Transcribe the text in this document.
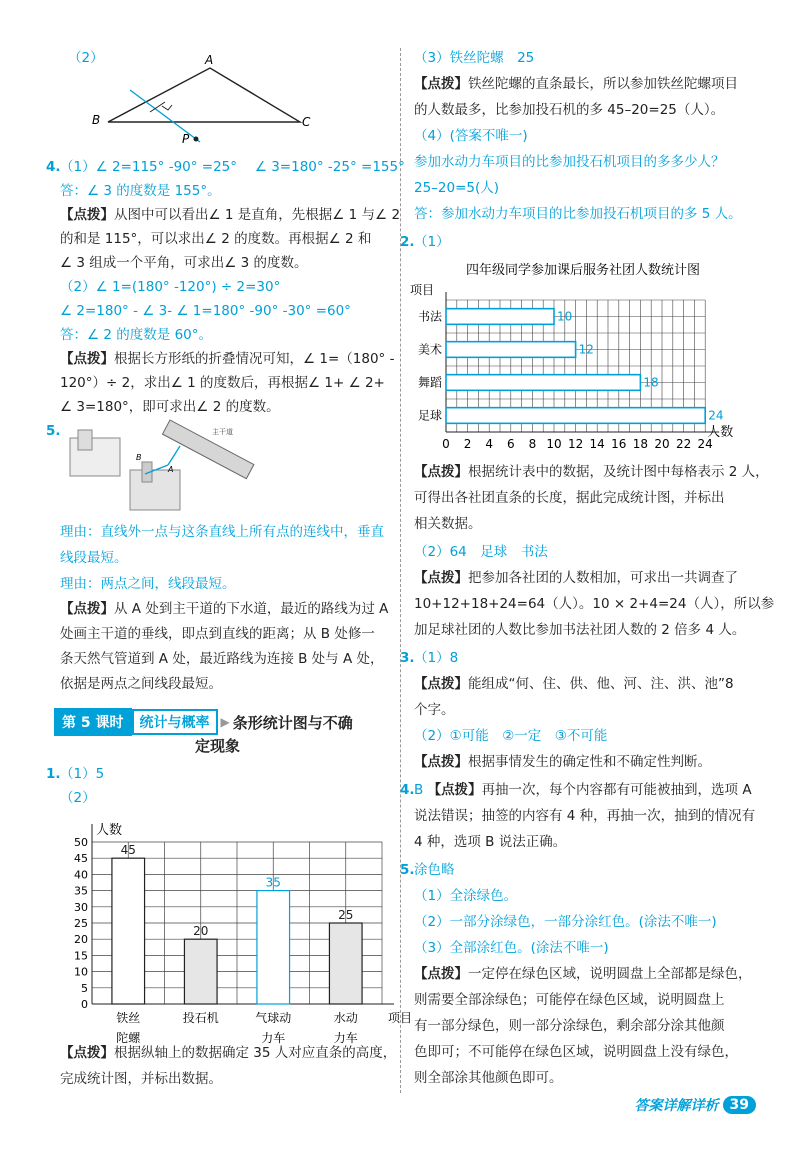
（2）	A
B	C
P
4. （1）∠ 2=115° -90° =25°　 ∠ 3=180° -25° =155°
答：∠ 3 的度数是 155°。
【点拨】从图中可以看出∠ 1 是直角，先根据∠ 1 与∠ 2
的和是 115°，可以求出∠ 2 的度数。再根据∠ 2 和
∠ 3 组成一个平角，可求出∠ 3 的度数。
（2）∠ 1=(180° -120°) ÷ 2=30°
∠ 2=180° - ∠ 3- ∠ 1=180° -90° -30° =60°
答：∠ 2 的度数是 60°。
【点拨】根据长方形纸的折叠情况可知，∠ 1=（180° -
120°）÷ 2，求出∠ 1 的度数后，再根据∠ 1+ ∠ 2+
∠ 3=180°，即可求出∠ 2 的度数。
5.	主干道
A
B
理由：直线外一点与这条直线上所有点的连线中，垂直
线段最短。
理由：两点之间，线段最短。
【点拨】从 A 处到主干道的下水道，最近的路线为过 A
处画主干道的垂线，即点到直线的距离；从 B 处修一
条天然气管道到 A 处，最近路线为连接 B 处与 A 处，
依据是两点之间线段最短。
第 5 课时	统计与概率 ▶ 条形统计图与不确
定现象
1. （1）5
（2）
0
5
10
15
20
25
30
35
40
45
50
人数
项目
45
铁丝
陀螺
20
投石机
35
气球动
力车
25
水动
力车
【点拨】根据纵轴上的数据确定 35 人对应直条的高度，
完成统计图，并标出数据。
（3）铁丝陀螺　25
【点拨】铁丝陀螺的直条最长，所以参加铁丝陀螺项目
的人数最多，比参加投石机的多 45–20=25（人）。
（4）(答案不唯一)
参加水动力车项目的比参加投石机项目的多多少人？
25–20=5(人)
答：参加水动力车项目的比参加投石机项目的多 5 人。
2. （1）
四年级同学参加课后服务社团人数统计图
项目
0 2 4 6 8 10 12 14 16 18 20 22 24
人数
10
书法
12
美术
18
舞蹈
24
足球
【点拨】根据统计表中的数据，及统计图中每格表示 2 人，
可得出各社团直条的长度，据此完成统计图，并标出
相关数据。
（2）64　足球　书法
【点拨】把参加各社团的人数相加，可求出一共调查了
10+12+18+24=64（人）。10 × 2+4=24（人），所以参
加足球社团的人数比参加书法社团人数的 2 倍多 4 人。
3. （1）8
【点拨】能组成“何、住、供、他、河、注、洪、池”8
个字。
（2）①可能　②一定　③不可能
【点拨】根据事情发生的确定性和不确定性判断。
4. B 【点拨】再抽一次，每个内容都有可能被抽到，选项 A
说法错误；抽签的内容有 4 种，再抽一次，抽到的情况有
4 种，选项 B 说法正确。
5. 涂色略
（1）全涂绿色。
（2）一部分涂绿色，一部分涂红色。(涂法不唯一)
（3）全部涂红色。(涂法不唯一)
【点拨】一定停在绿色区域，说明圆盘上全部都是绿色，
则需要全部涂绿色；可能停在绿色区域，说明圆盘上
有一部分绿色，则一部分涂绿色，剩余部分涂其他颜
色即可；不可能停在绿色区域，说明圆盘上没有绿色，
则全部涂其他颜色即可。
答案详解详析 39
